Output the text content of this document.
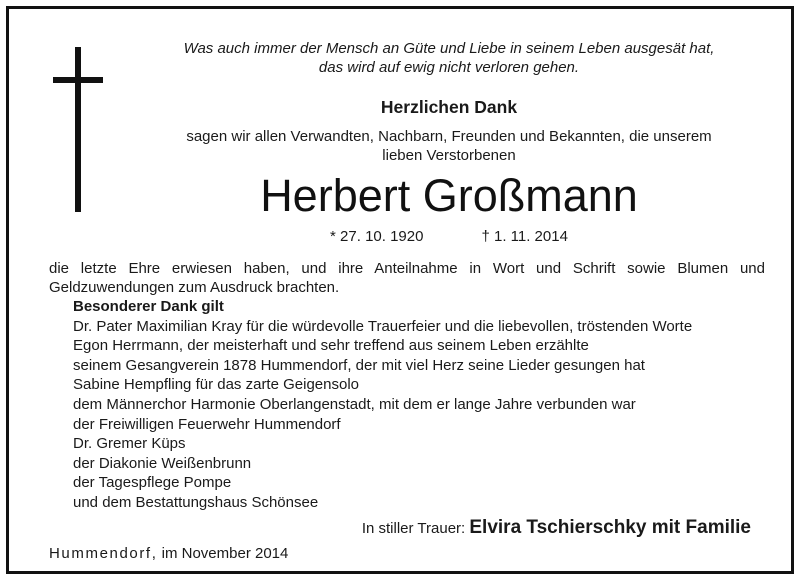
Was auch immer der Mensch an Güte und Liebe in seinem Leben ausgesät hat,
das wird auf ewig nicht verloren gehen.
Herzlichen Dank
sagen wir allen Verwandten, Nachbarn, Freunden und Bekannten, die unserem
lieben Verstorbenen
Herbert Großmann
* 27. 10. 1920	† 1. 11. 2014
die letzte Ehre erwiesen haben, und ihre Anteilnahme in Wort und Schrift sowie Blumen und Geldzuwendungen zum Ausdruck brachten.
Besonderer Dank gilt
Dr. Pater Maximilian Kray für die würdevolle Trauerfeier und die liebevollen, tröstenden Worte
Egon Herrmann, der meisterhaft und sehr treffend aus seinem Leben erzählte
seinem Gesangverein 1878 Hummendorf, der mit viel Herz seine Lieder gesungen hat
Sabine Hempfling für das zarte Geigensolo
dem Männerchor Harmonie Oberlangenstadt, mit dem er lange Jahre verbunden war
der Freiwilligen Feuerwehr Hummendorf
Dr. Gremer Küps
der Diakonie Weißenbrunn
der Tagespflege Pompe
und dem Bestattungshaus Schönsee
In stiller Trauer: Elvira Tschierschky mit Familie
Hummendorf, im November 2014
